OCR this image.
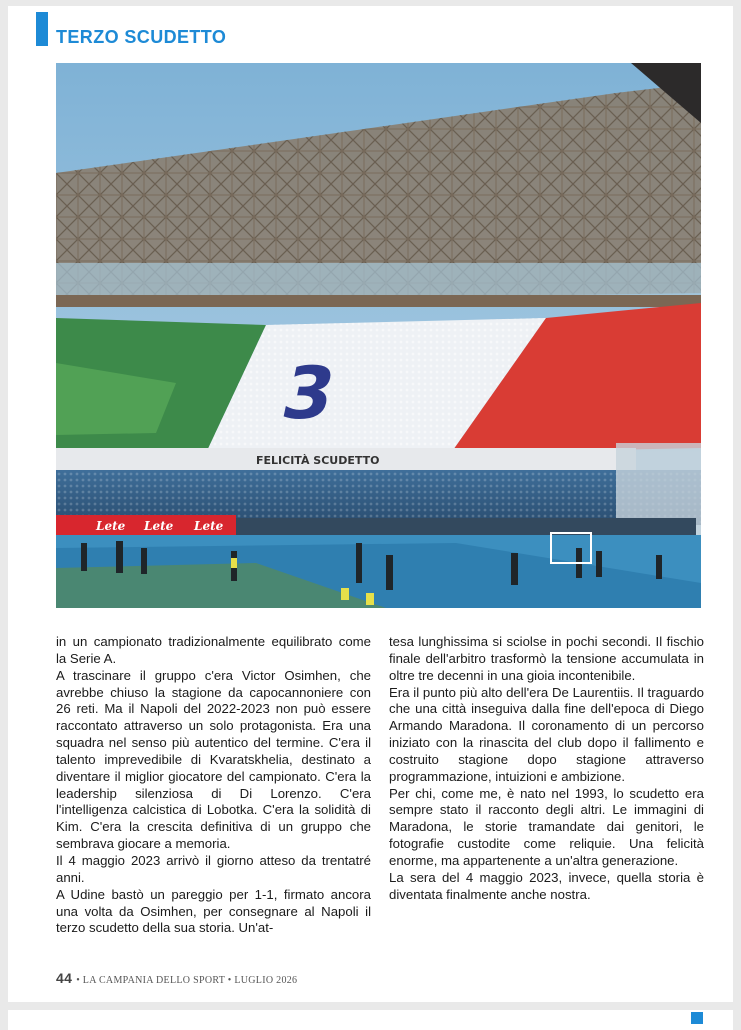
TERZO SCUDETTO
3
FELICITÀ SCUDETTO
Lete Lete Lete

in un campionato tradizionalmente equilibrato come la Serie A.

A trascinare il gruppo c'era Victor Osimhen, che avrebbe chiuso la stagione da capocannoniere con 26 reti. Ma il Napoli del 2022-2023 non può essere raccontato attraverso un solo protagonista. Era una squadra nel senso più autentico del termine. C'era il talento imprevedibile di Kvaratskhelia, destinato a diventare il miglior giocatore del campionato. C'era la leadership silenziosa di Di Lorenzo. C'era l'intelligenza calcistica di Lobotka. C'era la solidità di Kim. C'era la crescita definitiva di un gruppo che sembrava giocare a memoria.

Il 4 maggio 2023 arrivò il giorno atteso da trentatré anni.

A Udine bastò un pareggio per 1-1, firmato ancora una volta da Osimhen, per consegnare al Napoli il terzo scudetto della sua storia. Un'at-

tesa lunghissima si sciolse in pochi secondi. Il fischio finale dell'arbitro trasformò la tensione accumulata in oltre tre decenni in una gioia incontenibile.

Era il punto più alto dell'era De Laurentiis. Il traguardo che una città inseguiva dalla fine dell'epoca di Diego Armando Maradona. Il coronamento di un percorso iniziato con la rinascita del club dopo il fallimento e costruito stagione dopo stagione attraverso programmazione, intuizioni e ambizione.

Per chi, come me, è nato nel 1993, lo scudetto era sempre stato il racconto degli altri. Le immagini di Maradona, le storie tramandate dai genitori, le fotografie custodite come reliquie. Una felicità enorme, ma appartenente a un'altra generazione.

La sera del 4 maggio 2023, invece, quella storia è diventata finalmente anche nostra.

44 • LA CAMPANIA DELLO SPORT • LUGLIO 2026
